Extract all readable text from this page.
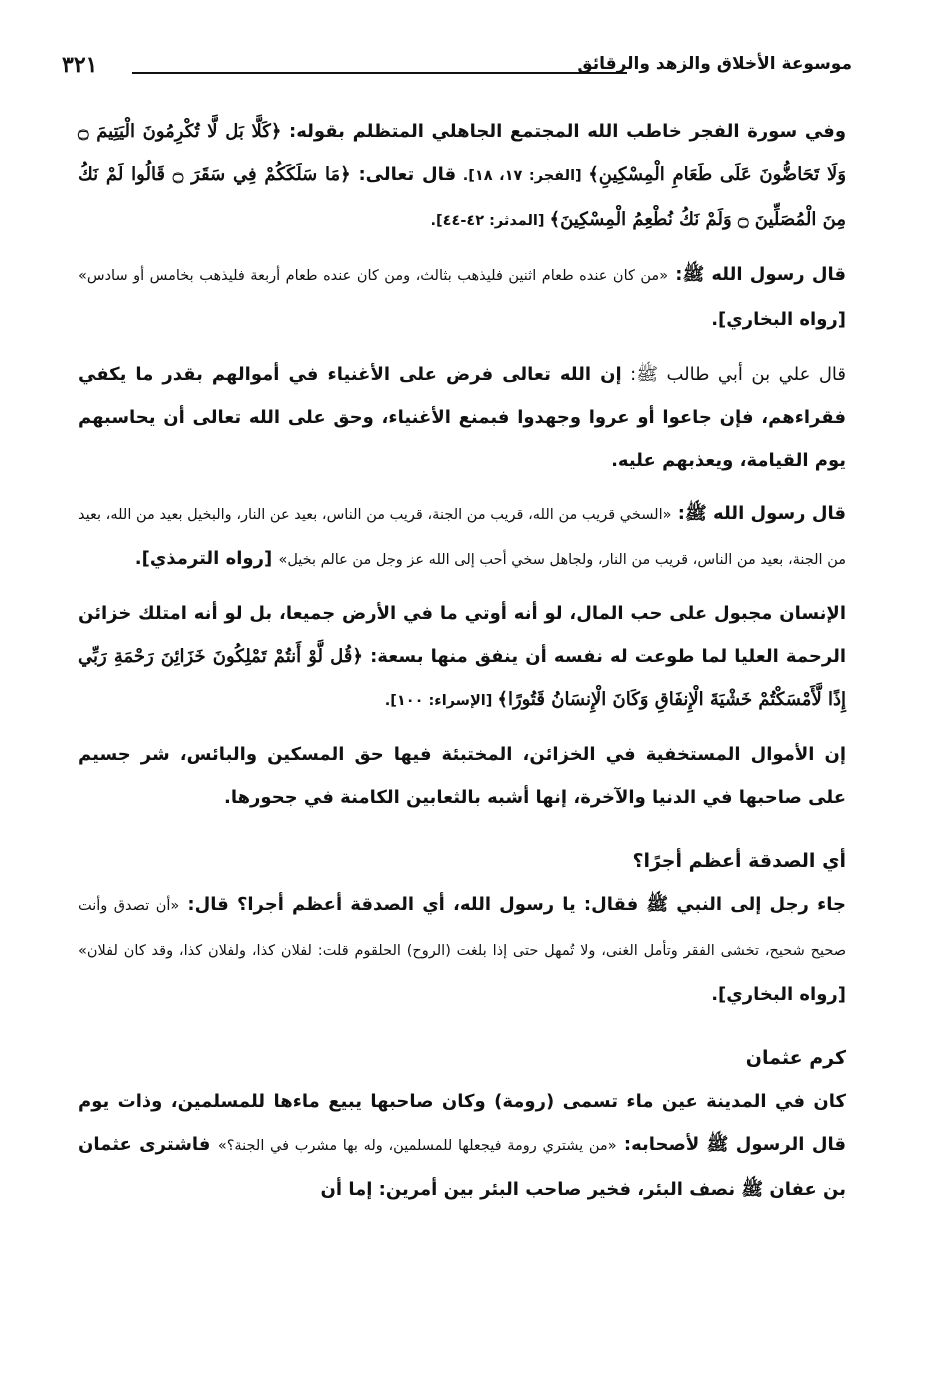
موسوعة الأخلاق والزهد والرقائق
٣٢١

وفي سورة الفجر خاطب الله المجتمع الجاهلي المتظلم بقوله: ﴿كَلَّا بَل لَّا تُكْرِمُونَ الْيَتِيمَ ۝ وَلَا تَحَاضُّونَ عَلَى طَعَامِ الْمِسْكِينِ﴾ [الفجر: ١٧، ١٨]. قال تعالى: ﴿مَا سَلَكَكُمْ فِي سَقَرَ ۝ قَالُوا لَمْ نَكُ مِنَ الْمُصَلِّينَ ۝ وَلَمْ نَكُ نُطْعِمُ الْمِسْكِينَ﴾ [المدثر: ٤٢-٤٤].

قال رسول الله ﷺ: «من كان عنده طعام اثنين فليذهب بثالث، ومن كان عنده طعام أربعة فليذهب بخامس أو سادس» [رواه البخاري].

قال علي بن أبي طالب ﷺ: إن الله تعالى فرض على الأغنياء في أموالهم بقدر ما يكفي فقراءهم، فإن جاعوا أو عروا وجهدوا فبمنع الأغنياء، وحق على الله تعالى أن يحاسبهم يوم القيامة، ويعذبهم عليه.

قال رسول الله ﷺ: «السخي قريب من الله، قريب من الجنة، قريب من الناس، بعيد عن النار، والبخيل بعيد من الله، بعيد من الجنة، بعيد من الناس، قريب من النار، ولجاهل سخي أحب إلى الله عز وجل من عالم بخيل» [رواه الترمذي].

الإنسان مجبول على حب المال، لو أنه أوتي ما في الأرض جميعا، بل لو أنه امتلك خزائن الرحمة العليا لما طوعت له نفسه أن ينفق منها بسعة: ﴿قُل لَّوْ أَنتُمْ تَمْلِكُونَ خَزَائِنَ رَحْمَةِ رَبِّي إِذًا لَّأَمْسَكْتُمْ خَشْيَةَ الْإِنفَاقِ وَكَانَ الْإِنسَانُ قَتُورًا﴾ [الإسراء: ١٠٠].

إن الأموال المستخفية في الخزائن، المختبئة فيها حق المسكين والبائس، شر جسيم على صاحبها في الدنيا والآخرة، إنها أشبه بالثعابين الكامنة في جحورها.

أي الصدقة أعظم أجرًا؟

جاء رجل إلى النبي ﷺ فقال: يا رسول الله، أي الصدقة أعظم أجرا؟ قال: «أن تصدق وأنت صحيح شحيح، تخشى الفقر وتأمل الغنى، ولا تُمهل حتى إذا بلغت (الروح) الحلقوم قلت: لفلان كذا، ولفلان كذا، وقد كان لفلان» [رواه البخاري].

كرم عثمان

كان في المدينة عين ماء تسمى (رومة) وكان صاحبها يبيع ماءها للمسلمين، وذات يوم قال الرسول ﷺ لأصحابه: «من يشتري رومة فيجعلها للمسلمين، وله بها مشرب في الجنة؟» فاشترى عثمان بن عفان ﷺ نصف البئر، فخير صاحب البئر بين أمرين: إما أن
